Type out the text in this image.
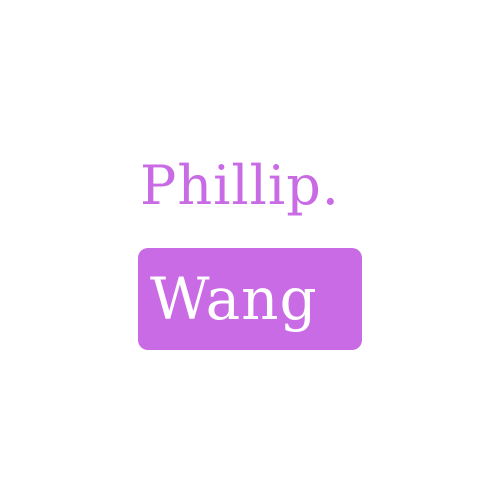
Phillip.
Wang
